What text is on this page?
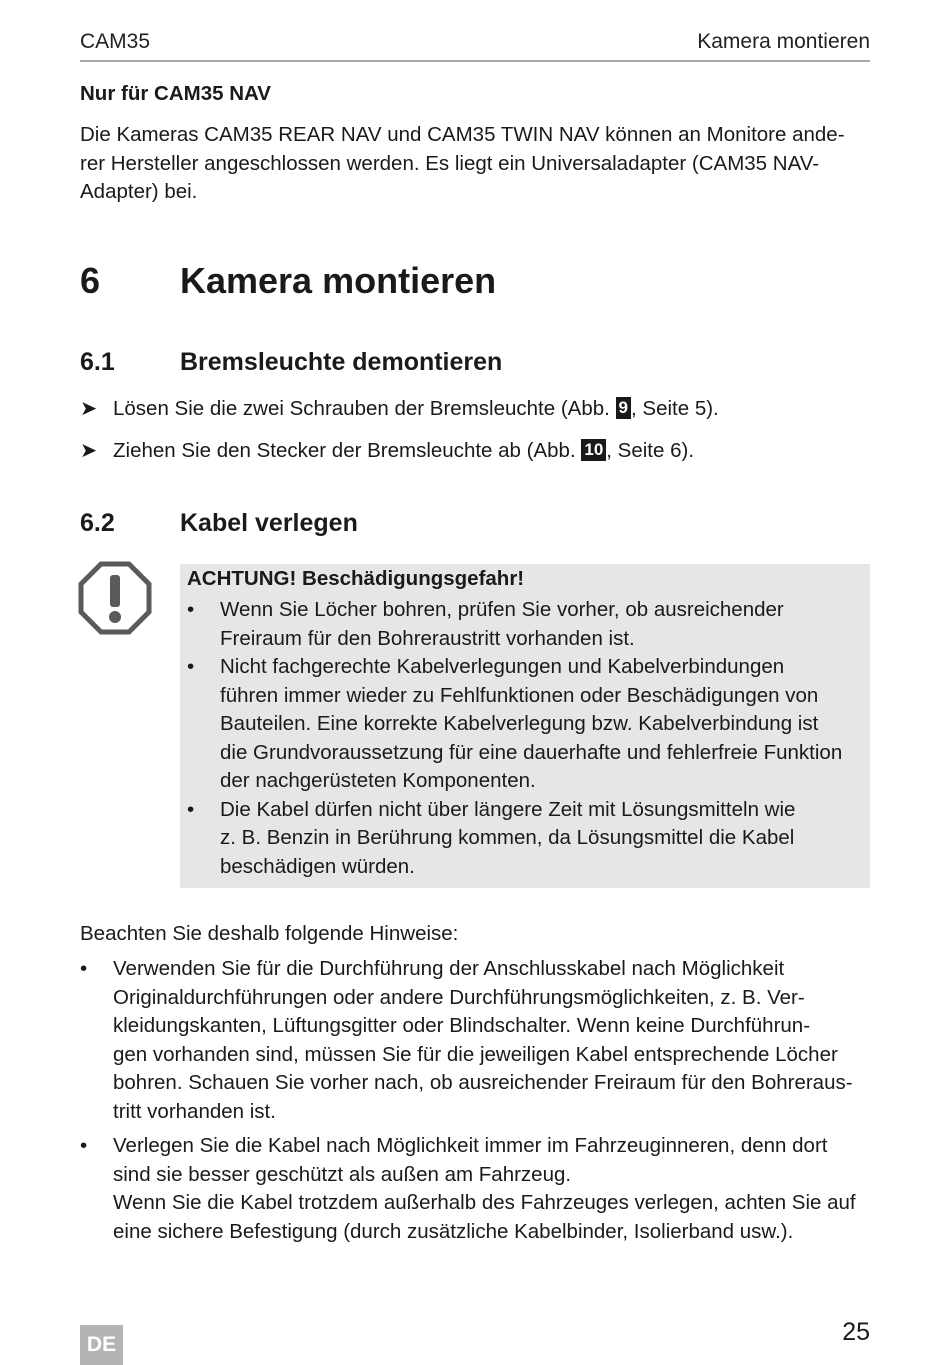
CAM35	Kamera montieren
Nur für CAM35 NAV
Die Kameras CAM35 REAR NAV und CAM35 TWIN NAV können an Monitore ande-
rer Hersteller angeschlossen werden. Es liegt ein Universaladapter (CAM35 NAV-
Adapter) bei.
6 Kamera montieren
6.1	Bremsleuchte demontieren
➤ Lösen Sie die zwei Schrauben der Bremsleuchte (Abb. 9 , Seite 5).
➤ Ziehen Sie den Stecker der Bremsleuchte ab (Abb. 10 , Seite 6).
6.2	Kabel verlegen
ACHTUNG! Beschädigungsgefahr!
• Wenn Sie Löcher bohren, prüfen Sie vorher, ob ausreichender
Freiraum für den Bohreraustritt vorhanden ist.
• Nicht fachgerechte Kabelverlegungen und Kabelverbindungen
führen immer wieder zu Fehlfunktionen oder Beschädigungen von
Bauteilen. Eine korrekte Kabelverlegung bzw. Kabelverbindung ist
die Grundvoraussetzung für eine dauerhafte und fehlerfreie Funktion
der nachgerüsteten Komponenten.
• Die Kabel dürfen nicht über längere Zeit mit Lösungsmitteln wie
z. B. Benzin in Berührung kommen, da Lösungsmittel die Kabel
beschädigen würden.
Beachten Sie deshalb folgende Hinweise:
• Verwenden Sie für die Durchführung der Anschlusskabel nach Möglichkeit
Originaldurchführungen oder andere Durchführungsmöglichkeiten, z. B. Ver-
kleidungskanten, Lüftungsgitter oder Blindschalter. Wenn keine Durchführun-
gen vorhanden sind, müssen Sie für die jeweiligen Kabel entsprechende Löcher
bohren. Schauen Sie vorher nach, ob ausreichender Freiraum für den Bohreraus-
tritt vorhanden ist.
• Verlegen Sie die Kabel nach Möglichkeit immer im Fahrzeuginneren, denn dort
sind sie besser geschützt als außen am Fahrzeug.
Wenn Sie die Kabel trotzdem außerhalb des Fahrzeuges verlegen, achten Sie auf
eine sichere Befestigung (durch zusätzliche Kabelbinder, Isolierband usw.).
DE	25
